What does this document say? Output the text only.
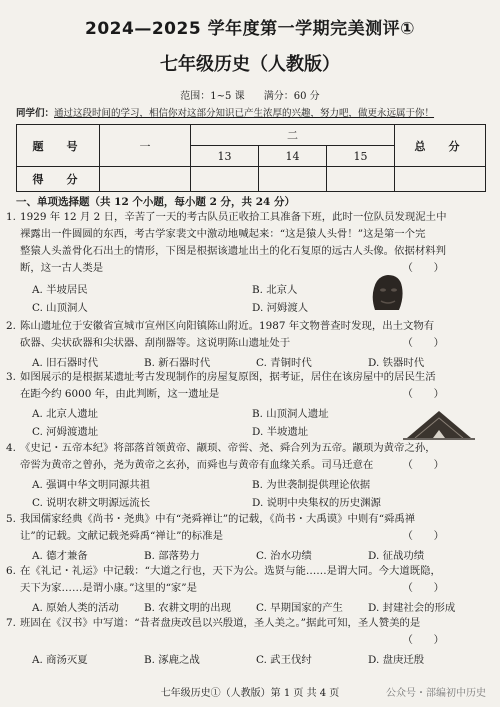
2024—2025 学年度第一学期完美测评①
七年级历史（人教版）
范围：1~5 课 满分：60 分
同学们：通过这段时间的学习，相信你对这部分知识已产生浓厚的兴趣，努力吧，做更永远属于你！
题　号	一	二			总　分
		13	14	15	
得　分					
一、单项选择题（共 12 个小题，每小题 2 分，共 24 分）
1. 1929 年 12 月 2 日，辛苦了一天的考古队员正收拾工具准备下班，此时一位队员发现泥土中
裸露出一件圆圆的东西，考古学家裴文中激动地喊起来：“这是猿人头骨！”这是第一个完
整猿人头盖骨化石出土的情形，下图是根据该遗址出土的化石复原的远古人头像。依据材料判
断，这一古人类是	（　　）
A. 半坡居民	B. 北京人
C. 山顶洞人	D. 河姆渡人
2. 陈山遗址位于安徽省宣城市宣州区向阳镇陈山附近。1987 年文物普查时发现，出土文物有
砍器、尖状砍器和尖状器、刮削器等。这说明陈山遗址处于	（　　）
A. 旧石器时代	B. 新石器时代	C. 青铜时代	D. 铁器时代
3. 如图展示的是根据某遗址考古发现制作的房屋复原图，据考证，居住在该房屋中的居民生活
在距今约 6000 年，由此判断，这一遗址是	（　　）
A. 北京人遗址	B. 山顶洞人遗址
C. 河姆渡遗址	D. 半坡遗址
4. 《史记・五帝本纪》将部落首领黄帝、颛顼、帝喾、尧、舜合列为五帝。颛顼为黄帝之孙，
帝喾为黄帝之曾孙，尧为黄帝之玄孙，而舜也与黄帝有血缘关系。司马迁意在	（　　）
A. 强调中华文明同源共祖	B. 为世袭制提供理论依据
C. 说明农耕文明源远流长	D. 说明中央集权的历史渊源
5. 我国儒家经典《尚书・尧典》中有“尧舜禅让”的记载，《尚书・大禹谟》中则有“舜禹禅
让”的记载。文献记载尧舜禹“禅让”的标准是	（　　）
A. 德才兼备	B. 部落势力	C. 治水功绩	D. 征战功绩
6. 在《礼记・礼运》中记载：“大道之行也，天下为公。选贤与能……是谓大同。今大道既隐，
天下为家……是谓小康。”这里的“家”是	（　　）
A. 原始人类的活动 B. 农耕文明的出现 C. 早期国家的产生 D. 封建社会的形成
7. 班固在《汉书》中写道：“昔者盘庚改邑以兴殷道，圣人美之。”据此可知，圣人赞美的是
（　　）
A. 商汤灭夏	B. 涿鹿之战	C. 武王伐纣	D. 盘庚迁殷
七年级历史①（人教版）第 1 页 共 4 页	公众号・部编初中历史
